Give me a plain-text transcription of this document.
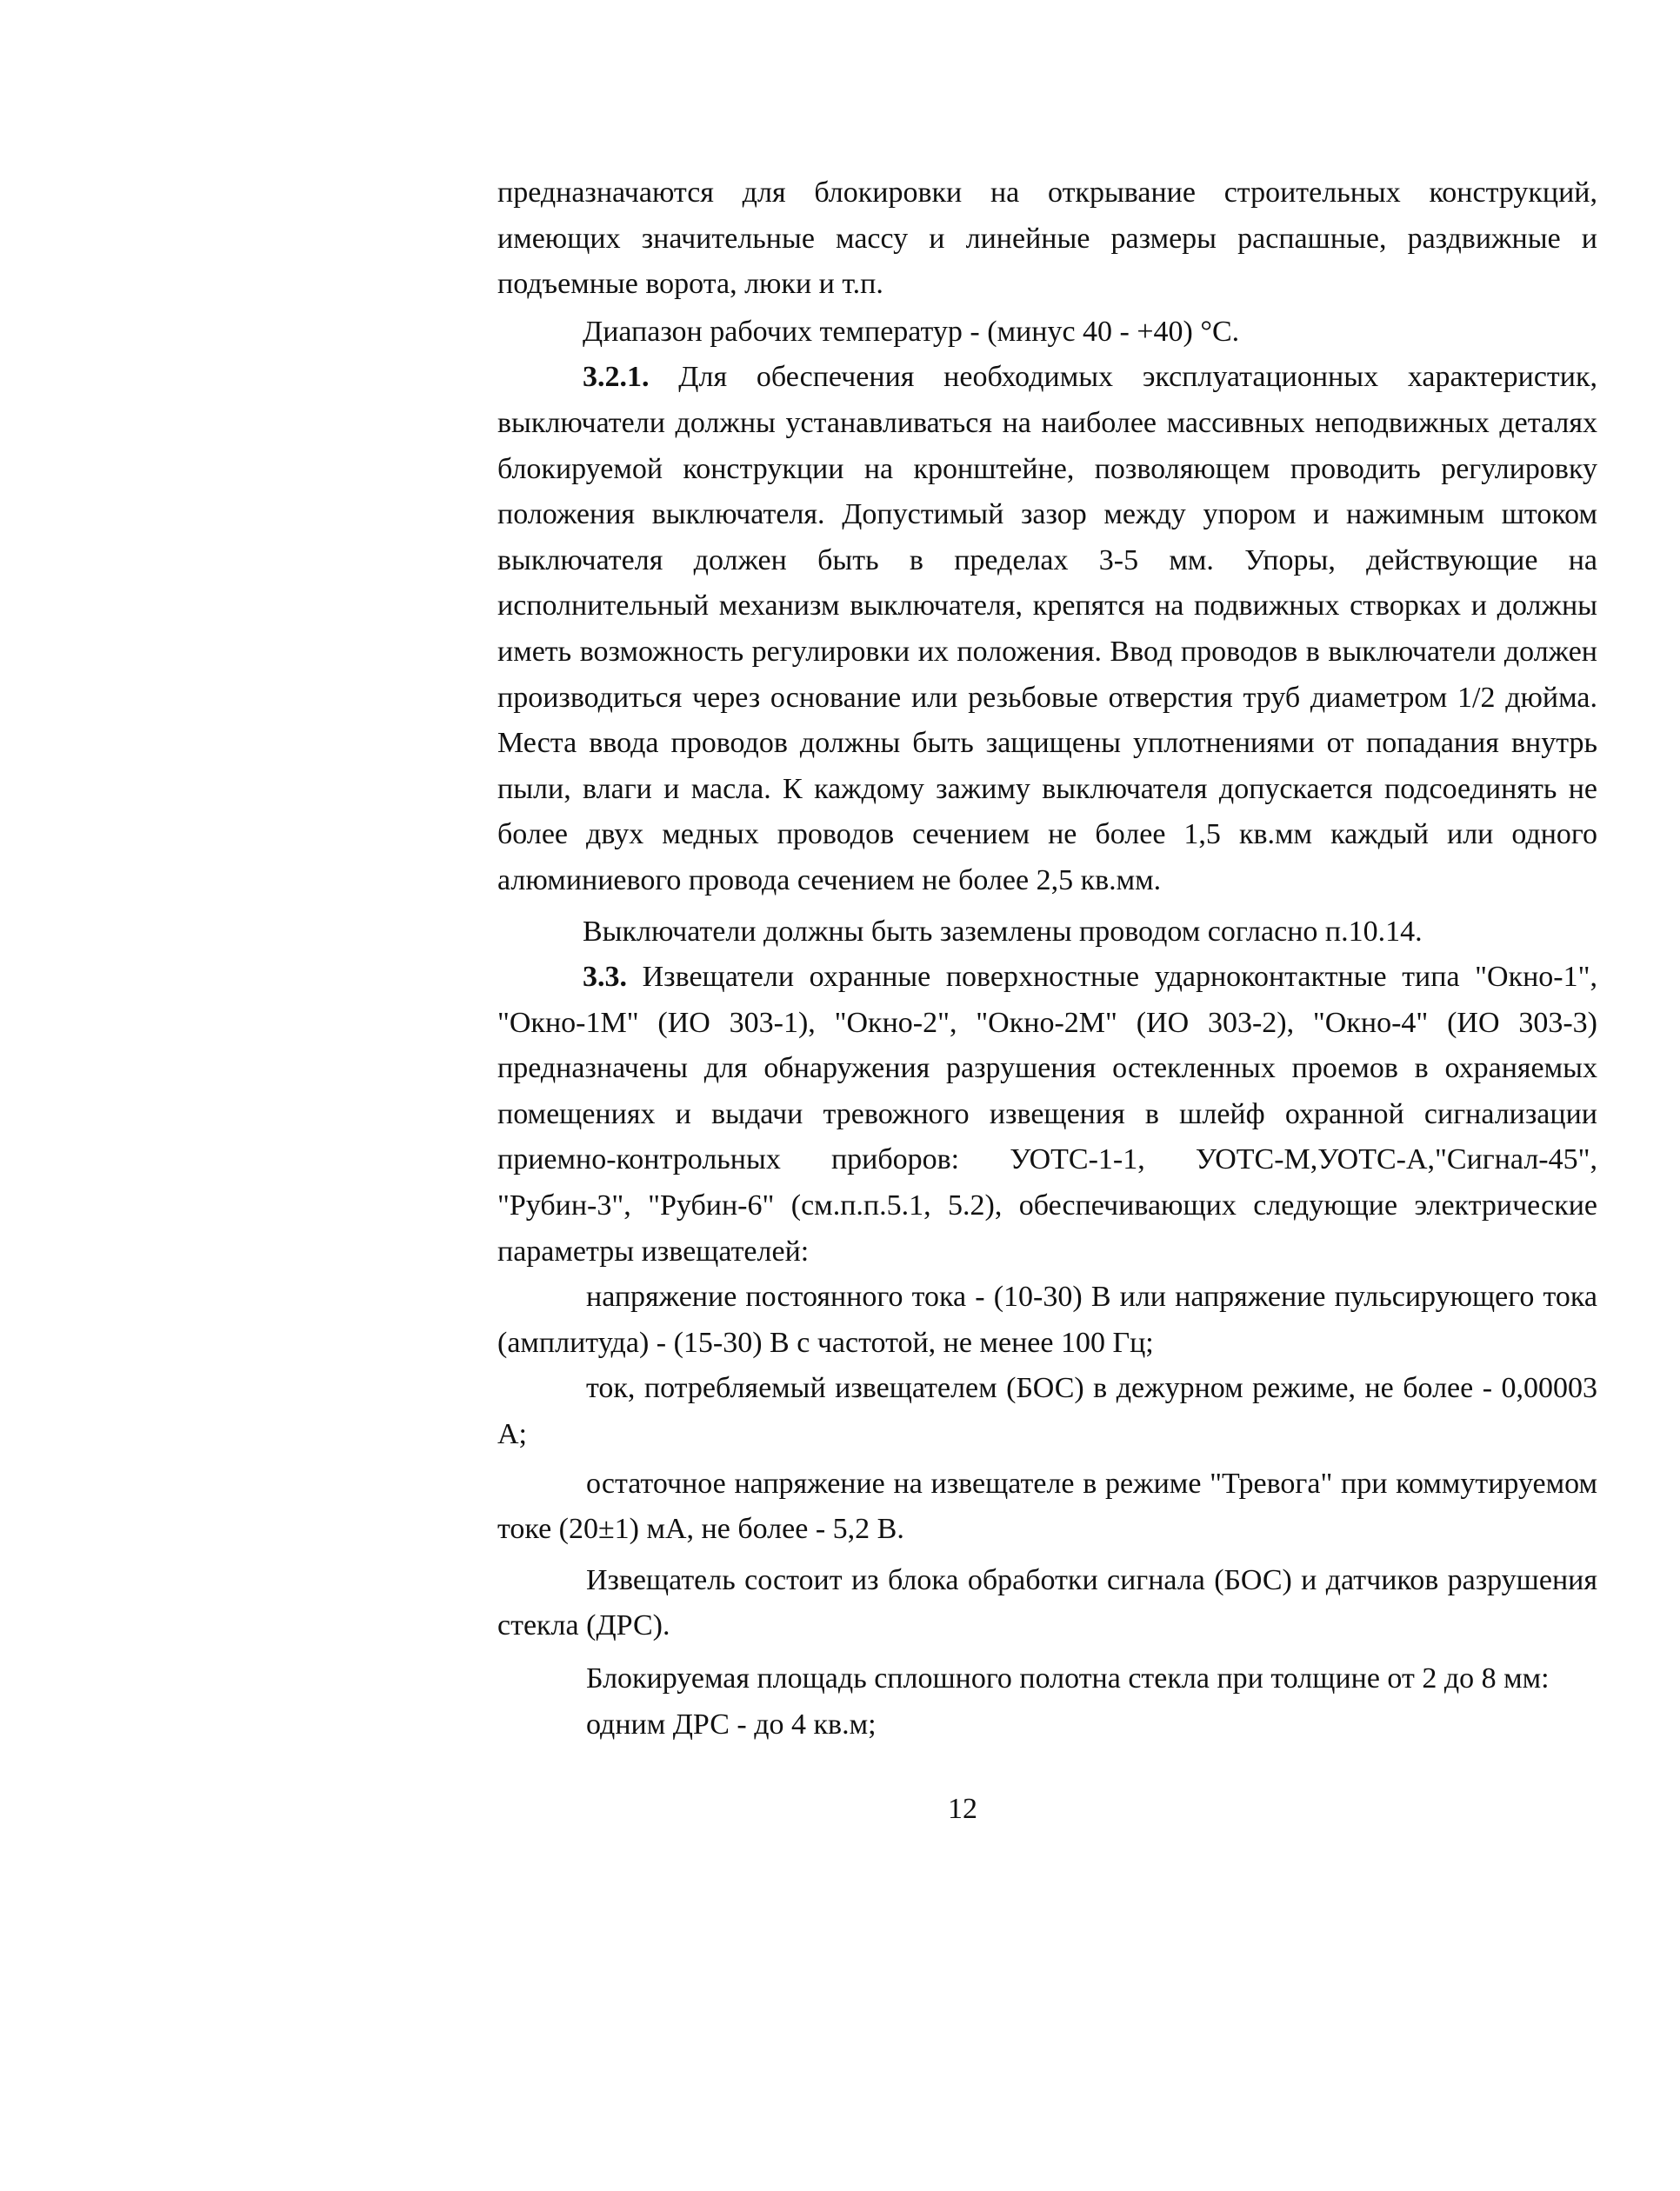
предназначаются для блокировки на открывание строительных конструкций, имеющих значительные массу и линейные размеры распашные, раздвижные и подъемные ворота, люки и т.п.

Диапазон рабочих температур - (минус 40 - +40) °С.

3.2.1. Для обеспечения необходимых эксплуатационных характеристик, выключатели должны устанавливаться на наиболее массивных неподвижных деталях блокируемой конструкции на кронштейне, позволяющем проводить регулировку положения выключателя. Допустимый зазор между упором и нажимным штоком выключателя должен быть в пределах 3-5 мм. Упоры, действующие на исполнительный механизм выключателя, крепятся на подвижных створках и должны иметь возможность регулировки их положения. Ввод проводов в выключатели должен производиться через основание или резьбовые отверстия труб диаметром 1/2 дюйма. Места ввода проводов должны быть защищены уплотнениями от попадания внутрь пыли, влаги и масла. К каждому зажиму выключателя допускается подсоединять не более двух медных проводов сечением не более 1,5 кв.мм каждый или одного алюминиевого провода сечением не более 2,5 кв.мм.

Выключатели должны быть заземлены проводом согласно п.10.14.

3.3. Извещатели охранные поверхностные ударноконтактные типа "Окно-1", "Окно-1М" (ИО 303-1), "Окно-2", "Окно-2М" (ИО 303-2), "Окно-4" (ИО 303-3) предназначены для обнаружения разрушения остекленных проемов в охраняемых помещениях и выдачи тревожного извещения в шлейф охранной сигнализации приемно-контрольных приборов: УОТС-1-1, УОТС-М,УОТС-А,"Сигнал-45", "Рубин-3", "Рубин-6" (см.п.п.5.1, 5.2), обеспечивающих следующие электрические параметры извещателей:

напряжение постоянного тока - (10-30) В или напряжение пульсирующего тока (амплитуда) - (15-30) В с частотой, не менее 100 Гц;

ток, потребляемый извещателем (БОС) в дежурном режиме, не более - 0,00003 А;

остаточное напряжение на извещателе в режиме "Тревога" при коммутируемом токе (20±1) мА, не более - 5,2 В.

Извещатель состоит из блока обработки сигнала (БОС) и датчиков разрушения стекла (ДРС).

Блокируемая площадь сплошного полотна стекла при толщине от 2 до 8 мм:

одним ДРС - до 4 кв.м;

12
